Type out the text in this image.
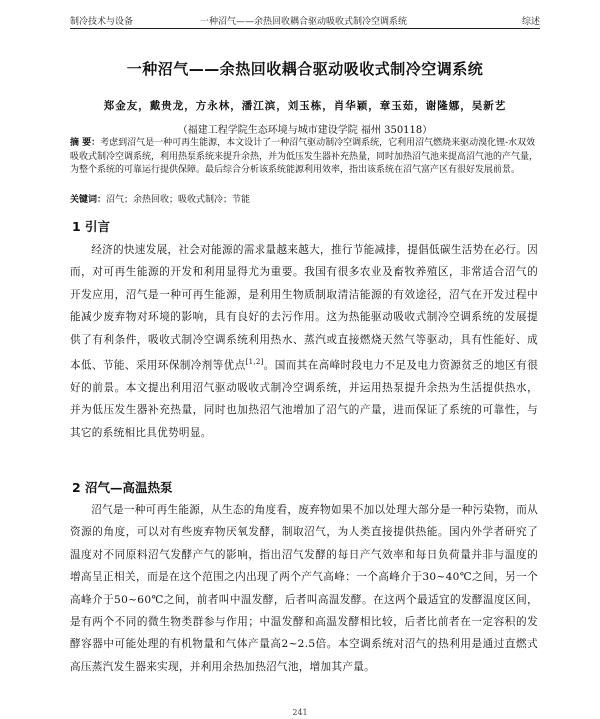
制冷技术与设备	一种沼气——余热回收耦合驱动吸收式制冷空调系统	综述
一种沼气——余热回收耦合驱动吸收式制冷空调系统
郑金友，戴贵龙，方永林，潘江滨，刘玉栋，肖华颖，章玉茹，谢隆娜，吴新艺
（福建工程学院生态环境与城市建设学院 福州 350118）
摘 要：考虑到沼气是一种可再生能源，本文设计了一种沼气驱动制冷空调系统，它利用沼气燃烧来驱动溴化锂-水双效吸收式制冷空调系统，利用热泵系统来提升余热，并为低压发生器补充热量，同时加热沼气池来提高沼气池的产气量，为整个系统的可靠运行提供保障。最后综合分析该系统能源利用效率，指出该系统在沼气富产区有很好发展前景。
关键词：沼气；余热回收；吸收式制冷；节能
1 引言
经济的快速发展，社会对能源的需求量越来越大，推行节能减排，提倡低碳生活势在必行。因而，对可再生能源的开发和利用显得尤为重要。我国有很多农业及畜牧养殖区，非常适合沼气的开发应用，沼气是一种可再生能源，是利用生物质制取清洁能源的有效途径，沼气在开发过程中能减少废弃物对环境的影响，具有良好的去污作用。这为热能驱动吸收式制冷空调系统的发展提供了有利条件，吸收式制冷空调系统利用热水、蒸汽或直接燃烧天然气等驱动，具有性能好、成本低、节能、采用环保制冷剂等优点[1,2]。国而其在高峰时段电力不足及电力资源贫乏的地区有很好的前景。本文提出利用沼气驱动吸收式制冷空调系统，并运用热泵提升余热为生活提供热水，并为低压发生器补充热量，同时也加热沼气池增加了沼气的产量，进而保证了系统的可靠性，与其它的系统相比具优势明显。
2 沼气—高温热泵
沼气是一种可再生能源，从生态的角度看，废弃物如果不加以处理大部分是一种污染物，而从资源的角度，可以对有些废弃物厌氧发酵，制取沼气，为人类直接提供热能。国内外学者研究了温度对不同原料沼气发酵产气的影响，指出沼气发酵的每日产气效率和每日负荷量并非与温度的增高呈正相关，而是在这个范围之内出现了两个产气高峰：一个高峰介于30~40℃之间，另一个高峰介于50~60℃之间，前者叫中温发酵，后者叫高温发酵。在这两个最适宜的发酵温度区间，是有两个不同的微生物类群参与作用；中温发酵和高温发酵相比较，后者比前者在一定容积的发酵容器中可能处理的有机物量和气体产量高2~2.5倍。本空调系统对沼气的热利用是通过直燃式高压蒸汽发生器来实现，并利用余热加热沼气池，增加其产量。
241
